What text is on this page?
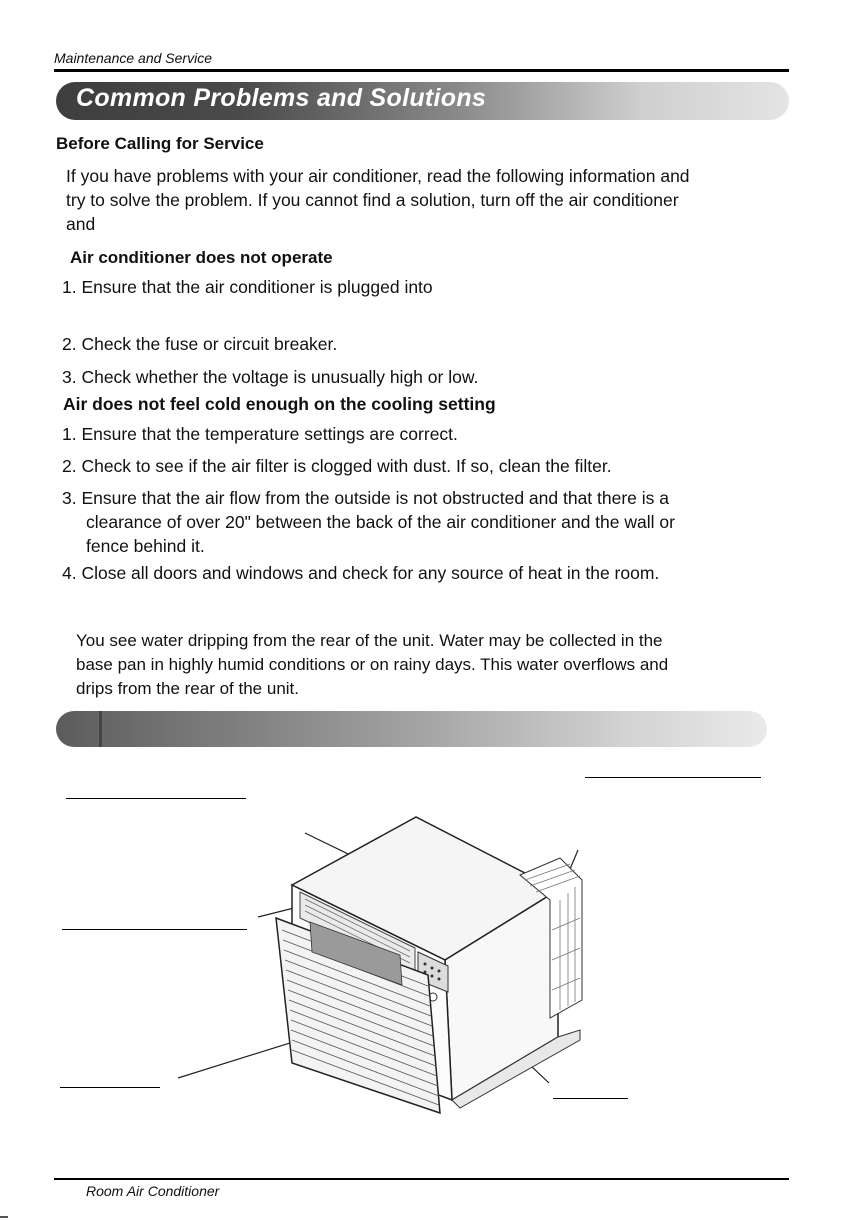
Maintenance and Service
Common Problems and Solutions
Before Calling for Service
If you have problems with your air conditioner, read the following information and
try to solve the problem. If you cannot find a solution, turn off the air conditioner
and
Air conditioner does not operate
1. Ensure that the air conditioner is plugged into
2. Check the fuse or circuit breaker.
3. Check whether the voltage is unusually high or low.
Air does not feel cold enough on the cooling setting
1. Ensure that the temperature settings are correct.
2. Check to see if the air filter is clogged with dust. If so, clean the filter.
3. Ensure that the air flow from the outside is not obstructed and that there is a
clearance of over 20" between the back of the air conditioner and the wall or
fence behind it.
4. Close all doors and windows and check for any source of heat in the room.
You see water dripping from the rear of the unit. Water may be collected in the
base pan in highly humid conditions or on rainy days. This water overflows and
drips from the rear of the unit.
Room Air Conditioner
